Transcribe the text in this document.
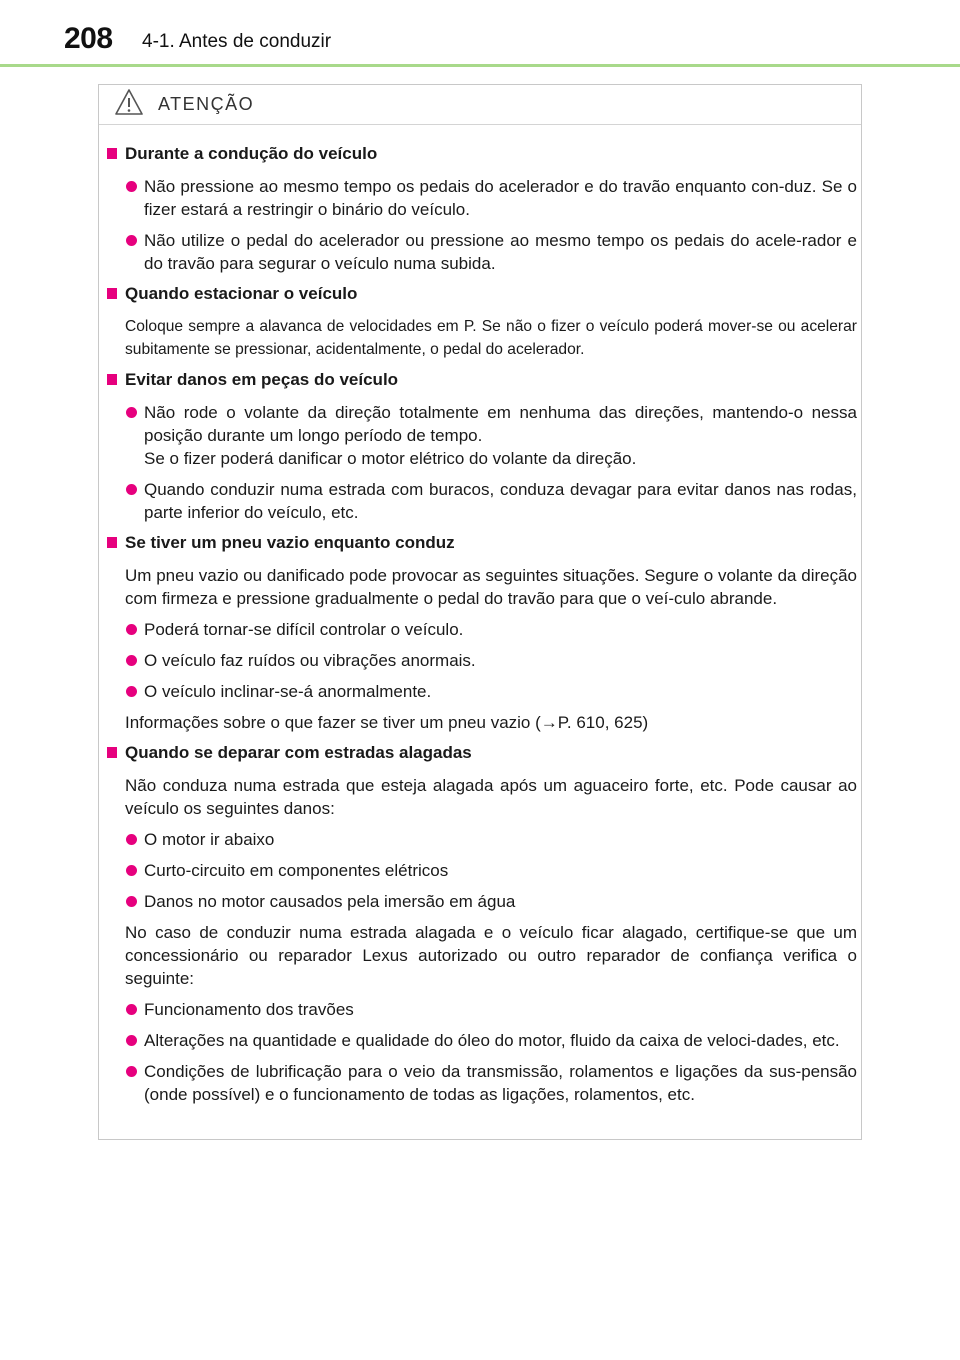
208 4-1. Antes de conduzir
ATENÇÃO
Durante a condução do veículo
Não pressione ao mesmo tempo os pedais do acelerador e do travão enquanto con-duz. Se o fizer estará a restringir o binário do veículo.
Não utilize o pedal do acelerador ou pressione ao mesmo tempo os pedais do acele-rador e do travão para segurar o veículo numa subida.
Quando estacionar o veículo
Coloque sempre a alavanca de velocidades em P. Se não o fizer o veículo poderá mover-se ou acelerar subitamente se pressionar, acidentalmente, o pedal do acelerador.
Evitar danos em peças do veículo
Não rode o volante da direção totalmente em nenhuma das direções, mantendo-o nessa posição durante um longo período de tempo.
Se o fizer poderá danificar o motor elétrico do volante da direção.
Quando conduzir numa estrada com buracos, conduza devagar para evitar danos nas rodas, parte inferior do veículo, etc.
Se tiver um pneu vazio enquanto conduz
Um pneu vazio ou danificado pode provocar as seguintes situações. Segure o volante da direção com firmeza e pressione gradualmente o pedal do travão para que o veí-culo abrande.
Poderá tornar-se difícil controlar o veículo.
O veículo faz ruídos ou vibrações anormais.
O veículo inclinar-se-á anormalmente.
Informações sobre o que fazer se tiver um pneu vazio (→P. 610, 625)
Quando se deparar com estradas alagadas
Não conduza numa estrada que esteja alagada após um aguaceiro forte, etc. Pode causar ao veículo os seguintes danos:
O motor ir abaixo
Curto-circuito em componentes elétricos
Danos no motor causados pela imersão em água
No caso de conduzir numa estrada alagada e o veículo ficar alagado, certifique-se que um concessionário ou reparador Lexus autorizado ou outro reparador de confiança verifica o seguinte:
Funcionamento dos travões
Alterações na quantidade e qualidade do óleo do motor, fluido da caixa de veloci-dades, etc.
Condições de lubrificação para o veio da transmissão, rolamentos e ligações da sus-pensão (onde possível) e o funcionamento de todas as ligações, rolamentos, etc.
